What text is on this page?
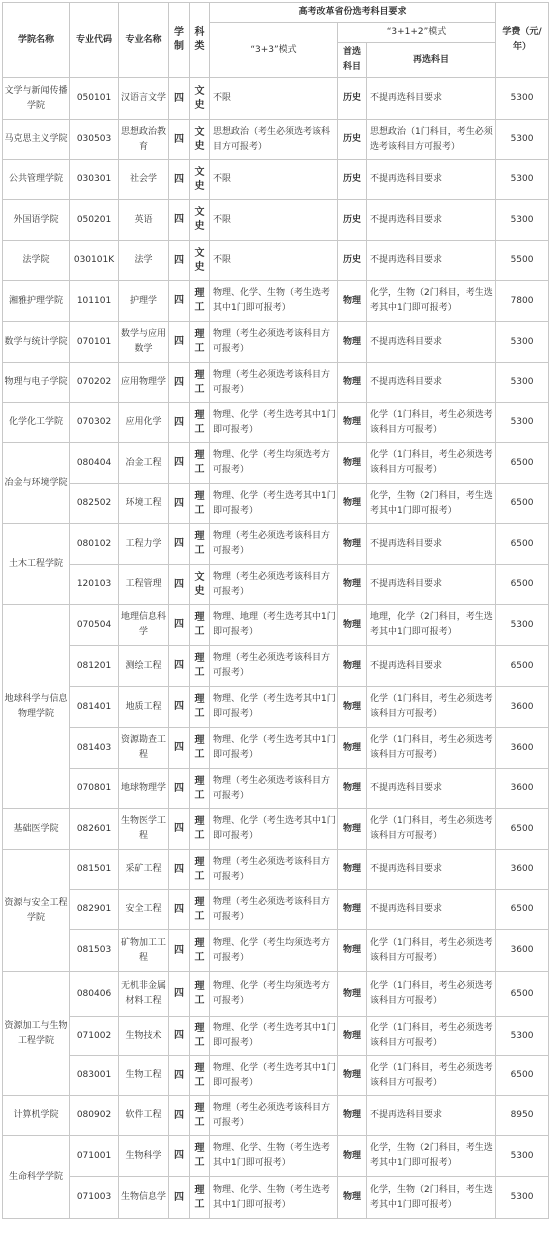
学院名称	专业代码	专业名称	学制	科类	高考改革省份选考科目要求			学费（元/年）
					“3+3”模式	“3+1+2”模式		
						首选科目	再选科目	
文学与新闻传播学院	050101	汉语言文学	四	文史	不限	历史	不提再选科目要求	5300
马克思主义学院	030503	思想政治教育	四	文史	思想政治（考生必须选考该科目方可报考）	历史	思想政治（1门科目，考生必须选考该科目方可报考）	5300
公共管理学院	030301	社会学	四	文史	不限	历史	不提再选科目要求	5300
外国语学院	050201	英语	四	文史	不限	历史	不提再选科目要求	5300
法学院	030101K	法学	四	文史	不限	历史	不提再选科目要求	5500
湘雅护理学院	101101	护理学	四	理工	物理、化学、生物（考生选考其中1门即可报考）	物理	化学，生物（2门科目，考生选考其中1门即可报考）	7800
数学与统计学院	070101	数学与应用数学	四	理工	物理（考生必须选考该科目方可报考）	物理	不提再选科目要求	5300
物理与电子学院	070202	应用物理学	四	理工	物理（考生必须选考该科目方可报考）	物理	不提再选科目要求	5300
化学化工学院	070302	应用化学	四	理工	物理、化学（考生选考其中1门即可报考）	物理	化学（1门科目，考生必须选考该科目方可报考）	5300
冶金与环境学院	080404	冶金工程	四	理工	物理、化学（考生均须选考方可报考）	物理	化学（1门科目，考生必须选考该科目方可报考）	6500
	082502	环境工程	四	理工	物理、化学（考生选考其中1门即可报考）	物理	化学，生物（2门科目，考生选考其中1门即可报考）	6500
土木工程学院	080102	工程力学	四	理工	物理（考生必须选考该科目方可报考）	物理	不提再选科目要求	6500
	120103	工程管理	四	文史	物理（考生必须选考该科目方可报考）	物理	不提再选科目要求	6500
地球科学与信息物理学院	070504	地理信息科学	四	理工	物理、地理（考生选考其中1门即可报考）	物理	地理，化学（2门科目，考生选考其中1门即可报考）	5300
	081201	测绘工程	四	理工	物理（考生必须选考该科目方可报考）	物理	不提再选科目要求	6500
	081401	地质工程	四	理工	物理、化学（考生选考其中1门即可报考）	物理	化学（1门科目，考生必须选考该科目方可报考）	3600
	081403	资源勘查工程	四	理工	物理、化学（考生选考其中1门即可报考）	物理	化学（1门科目，考生必须选考该科目方可报考）	3600
	070801	地球物理学	四	理工	物理（考生必须选考该科目方可报考）	物理	不提再选科目要求	3600
基础医学院	082601	生物医学工程	四	理工	物理、化学（考生选考其中1门即可报考）	物理	化学（1门科目，考生必须选考该科目方可报考）	6500
资源与安全工程学院	081501	采矿工程	四	理工	物理（考生必须选考该科目方可报考）	物理	不提再选科目要求	3600
	082901	安全工程	四	理工	物理（考生必须选考该科目方可报考）	物理	不提再选科目要求	6500
	081503	矿物加工工程	四	理工	物理、化学（考生均须选考方可报考）	物理	化学（1门科目，考生必须选考该科目方可报考）	3600
资源加工与生物工程学院	080406	无机非金属材料工程	四	理工	物理、化学（考生均须选考方可报考）	物理	化学（1门科目，考生必须选考该科目方可报考）	6500
	071002	生物技术	四	理工	物理、化学（考生选考其中1门即可报考）	物理	化学（1门科目，考生必须选考该科目方可报考）	5300
	083001	生物工程	四	理工	物理、化学（考生选考其中1门即可报考）	物理	化学（1门科目，考生必须选考该科目方可报考）	6500
计算机学院	080902	软件工程	四	理工	物理（考生必须选考该科目方可报考）	物理	不提再选科目要求	8950
生命科学学院	071001	生物科学	四	理工	物理、化学、生物（考生选考其中1门即可报考）	物理	化学，生物（2门科目，考生选考其中1门即可报考）	5300
	071003	生物信息学	四	理工	物理、化学、生物（考生选考其中1门即可报考）	物理	化学，生物（2门科目，考生选考其中1门即可报考）	5300
